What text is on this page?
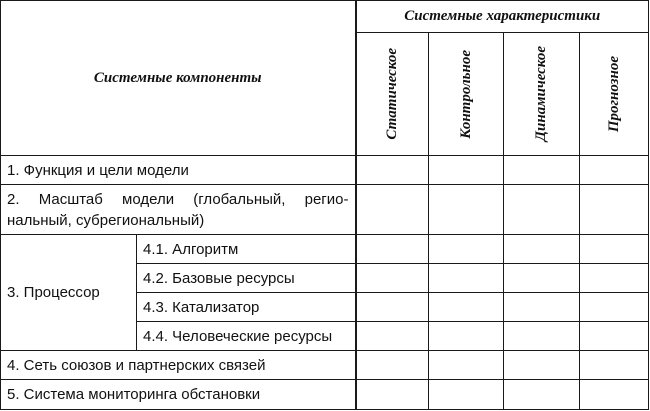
Системные компоненты		Системные характеристики			

		Статическое	Контрольное	Динамическое	Прогнозное

1. Функция и цели модели					
2. Масштаб модели (глобальный, регио-нальный, субрегиональный)					
3. Процессор	4.1. Алгоритм				
	4.2. Базовые ресурсы				
	4.3. Катализатор				
	4.4. Человеческие ресурсы				
4. Сеть союзов и партнерских связей					
5. Система мониторинга обстановки					
